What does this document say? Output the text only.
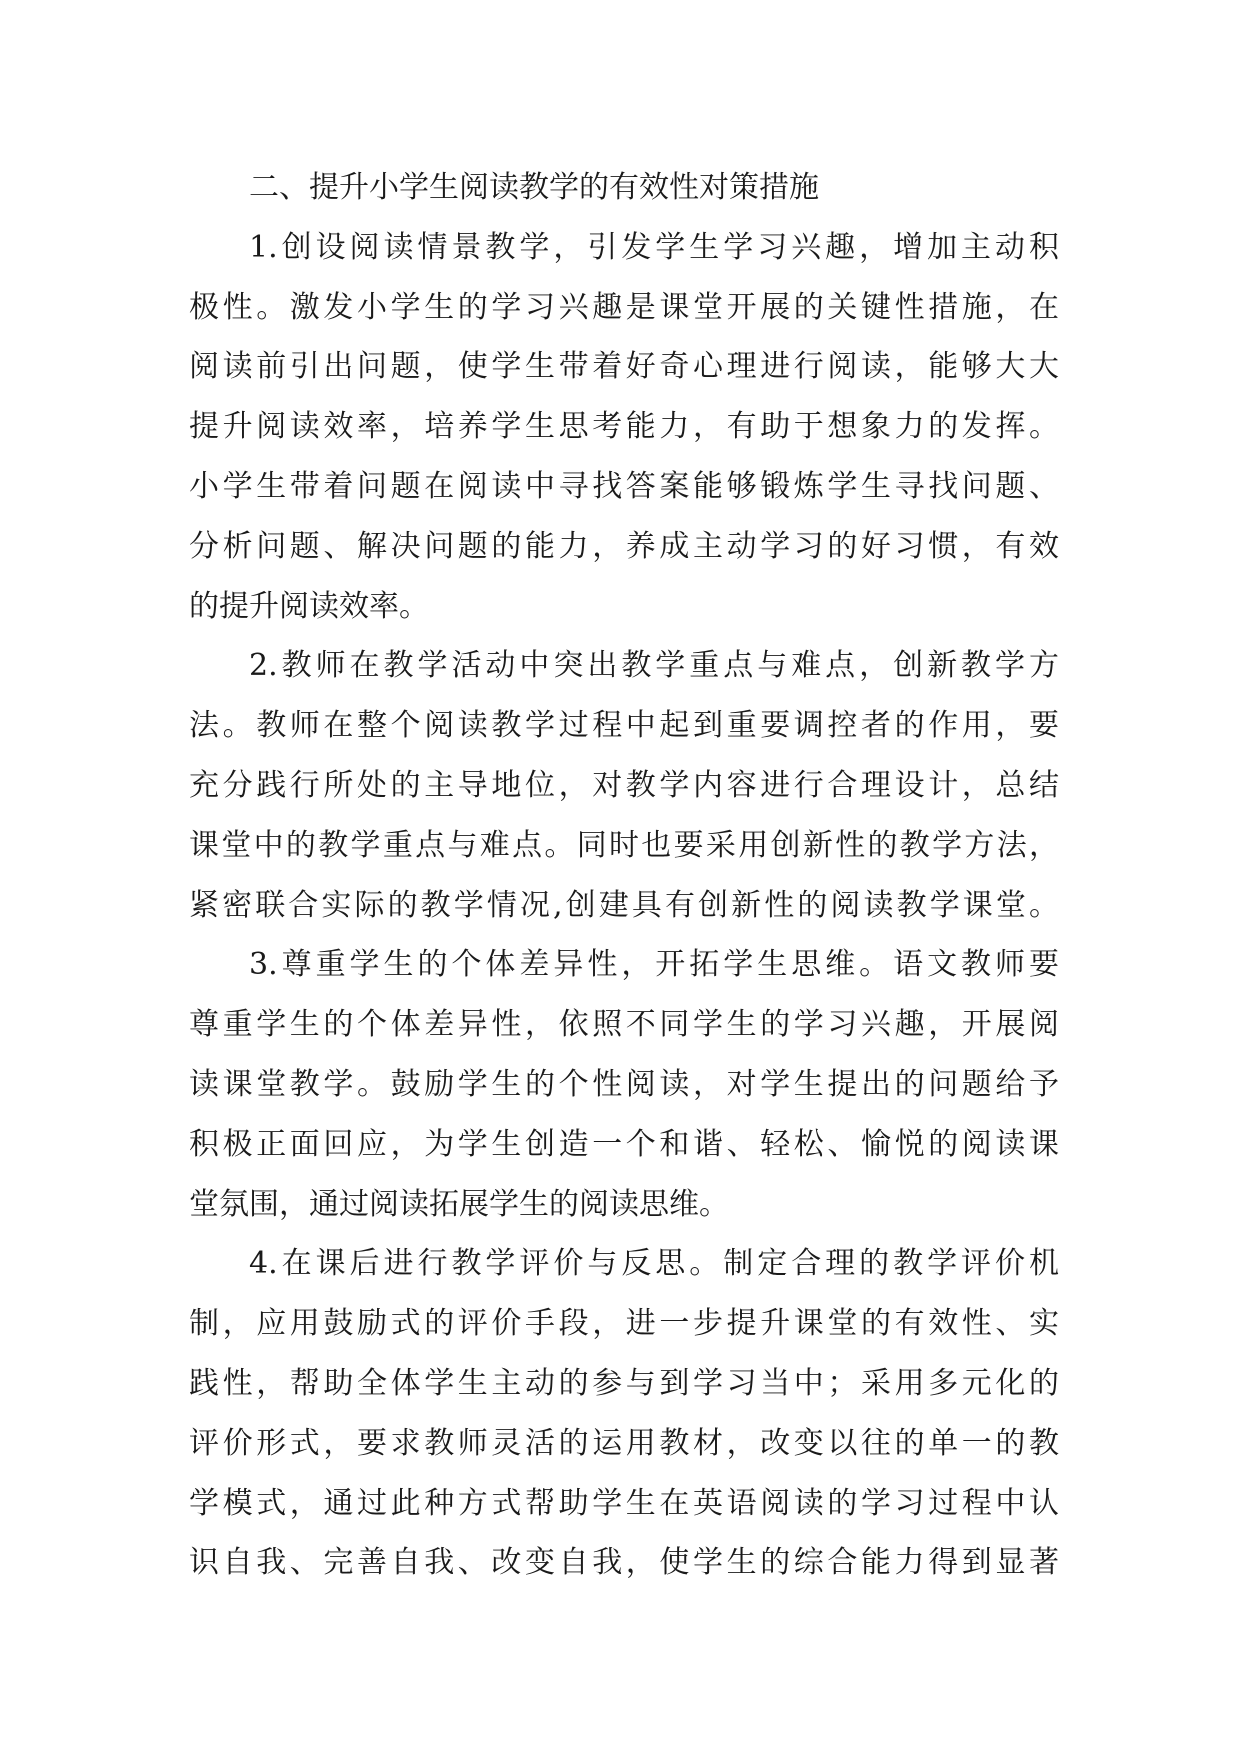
二、提升小学生阅读教学的有效性对策措施
1.创设阅读情景教学，引发学生学习兴趣，增加主动积
极性。激发小学生的学习兴趣是课堂开展的关键性措施，在
阅读前引出问题，使学生带着好奇心理进行阅读，能够大大
提升阅读效率，培养学生思考能力，有助于想象力的发挥。
小学生带着问题在阅读中寻找答案能够锻炼学生寻找问题、
分析问题、解决问题的能力，养成主动学习的好习惯，有效
的提升阅读效率。
2.教师在教学活动中突出教学重点与难点，创新教学方
法。教师在整个阅读教学过程中起到重要调控者的作用，要
充分践行所处的主导地位，对教学内容进行合理设计，总结
课堂中的教学重点与难点。同时也要采用创新性的教学方法，
紧密联合实际的教学情况,创建具有创新性的阅读教学课堂。
3.尊重学生的个体差异性，开拓学生思维。语文教师要
尊重学生的个体差异性，依照不同学生的学习兴趣，开展阅
读课堂教学。鼓励学生的个性阅读，对学生提出的问题给予
积极正面回应，为学生创造一个和谐、轻松、愉悦的阅读课
堂氛围，通过阅读拓展学生的阅读思维。
4.在课后进行教学评价与反思。制定合理的教学评价机
制，应用鼓励式的评价手段，进一步提升课堂的有效性、实
践性，帮助全体学生主动的参与到学习当中；采用多元化的
评价形式，要求教师灵活的运用教材，改变以往的单一的教
学模式，通过此种方式帮助学生在英语阅读的学习过程中认
识自我、完善自我、改变自我，使学生的综合能力得到显著
